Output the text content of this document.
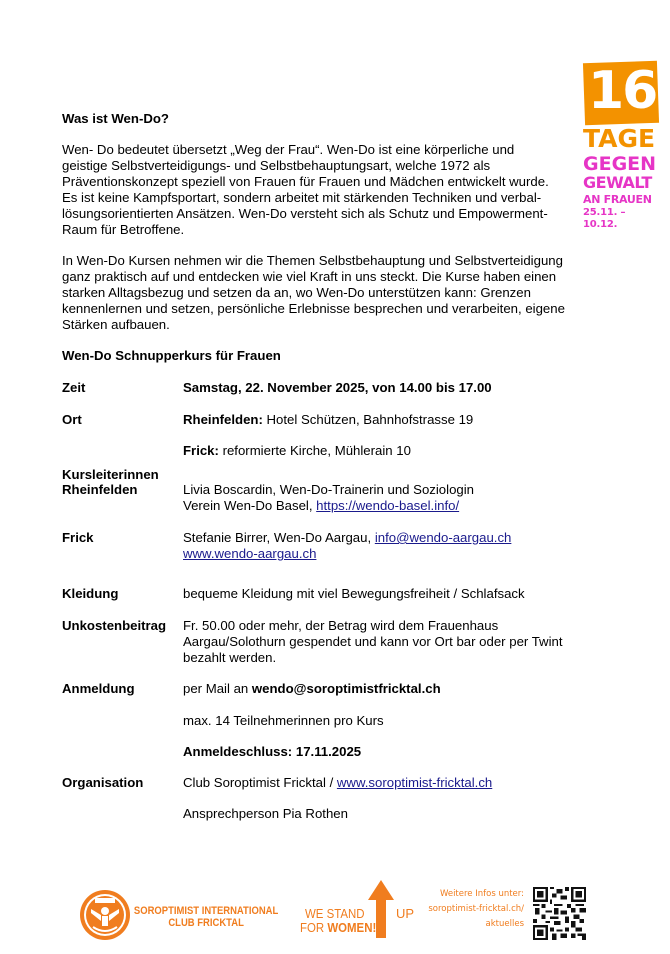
16
TAGE
GEGEN
GEWALT
AN FRAUEN
25.11. – 10.12.
Was ist Wen-Do?
Wen- Do bedeutet übersetzt „Weg der Frau“. Wen-Do ist eine körperliche und
geistige Selbstverteidigungs- und Selbstbehauptungsart, welche 1972 als
Präventionskonzept speziell von Frauen für Frauen und Mädchen entwickelt wurde.
Es ist keine Kampfsportart, sondern arbeitet mit stärkenden Techniken und verbal-
lösungsorientierten Ansätzen. Wen-Do versteht sich als Schutz und Empowerment-
Raum für Betroffene.
In Wen-Do Kursen nehmen wir die Themen Selbstbehauptung und Selbstverteidigung
ganz praktisch auf und entdecken wie viel Kraft in uns steckt. Die Kurse haben einen
starken Alltagsbezug und setzen da an, wo Wen-Do unterstützen kann: Grenzen
kennenlernen und setzen, persönliche Erlebnisse besprechen und verarbeiten, eigene
Stärken aufbauen.
Wen-Do Schnupperkurs für Frauen
Zeit	Samstag, 22. November 2025, von 14.00 bis 17.00
Ort	Rheinfelden: Hotel Schützen, Bahnhofstrasse 19
Frick: reformierte Kirche, Mühlerain 10
Kursleiterinnen
Rheinfelden	Livia Boscardin, Wen-Do-Trainerin und Soziologin
Verein Wen-Do Basel, https://wendo-basel.info/
Frick	Stefanie Birrer, Wen-Do Aargau, info@wendo-aargau.ch
www.wendo-aargau.ch
Kleidung	bequeme Kleidung mit viel Bewegungsfreiheit / Schlafsack
Unkostenbeitrag Fr. 50.00 oder mehr, der Betrag wird dem Frauenhaus
Aargau/Solothurn gespendet und kann vor Ort bar oder per Twint
bezahlt werden.
Anmeldung	per Mail an wendo@soroptimistfricktal.ch
max. 14 Teilnehmerinnen pro Kurs
Anmeldeschluss: 17.11.2025
Organisation	Club Soroptimist Fricktal / www.soroptimist-fricktal.ch
Ansprechperson Pia Rothen
SOROPTIMIST INTERNATIONAL
CLUB FRICKTAL
WE STAND UP
FOR WOMEN!
Weitere Infos unter:
soroptimist-fricktal.ch/
aktuelles
